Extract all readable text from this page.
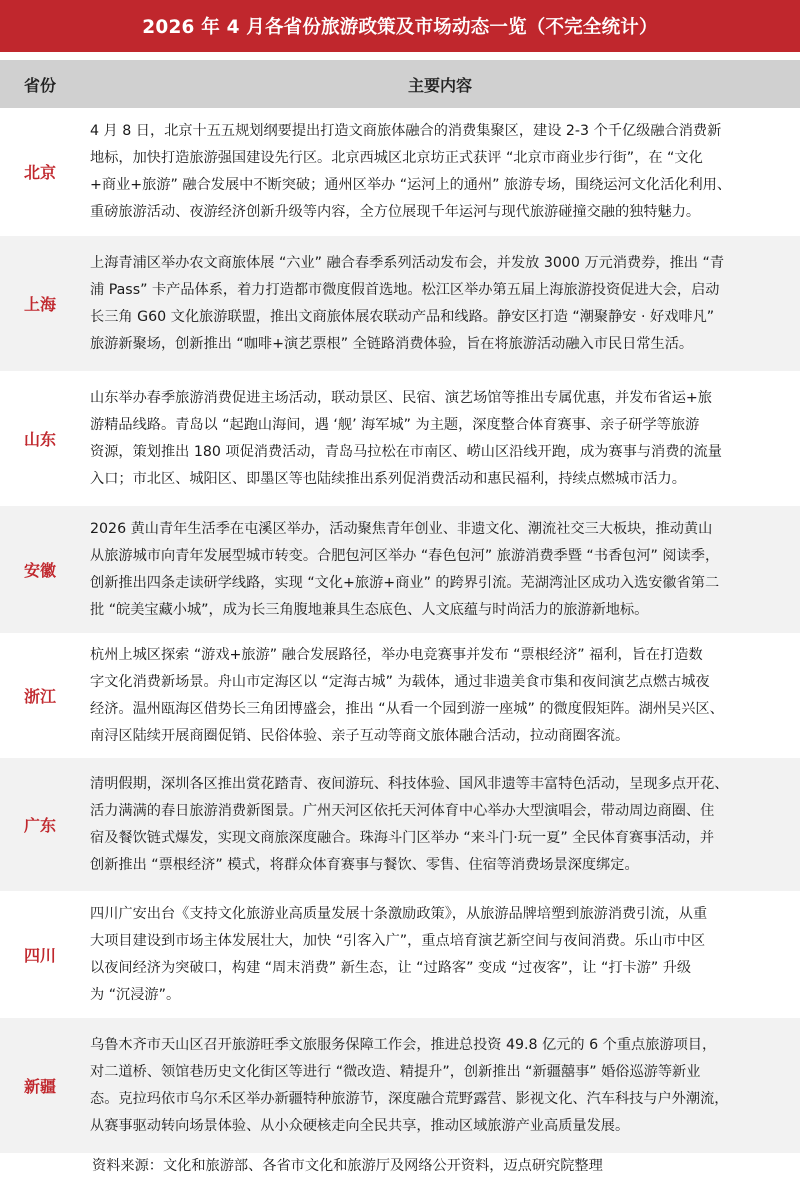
2026 年 4 月各省份旅游政策及市场动态一览（不完全统计）
省份	主要内容
北京
4 月 8 日，北京十五五规划纲要提出打造文商旅体融合的消费集聚区，建设 2-3 个千亿级融合消费新
地标，加快打造旅游强国建设先行区。北京西城区北京坊正式获评 “北京市商业步行街”，在 “文化
+商业+旅游” 融合发展中不断突破；通州区举办 “运河上的通州” 旅游专场，围绕运河文化活化利用、
重磅旅游活动、夜游经济创新升级等内容，全方位展现千年运河与现代旅游碰撞交融的独特魅力。
上海
上海青浦区举办农文商旅体展 “六业” 融合春季系列活动发布会，并发放 3000 万元消费券，推出 “青
浦 Pass” 卡产品体系，着力打造都市微度假首选地。松江区举办第五届上海旅游投资促进大会，启动
长三角 G60 文化旅游联盟，推出文商旅体展农联动产品和线路。静安区打造 “潮聚静安 · 好戏啡凡”
旅游新聚场，创新推出 “咖啡+演艺票根” 全链路消费体验，旨在将旅游活动融入市民日常生活。
山东
山东举办春季旅游消费促进主场活动，联动景区、民宿、演艺场馆等推出专属优惠，并发布省运+旅
游精品线路。青岛以 “起跑山海间，遇 ‘舰’ 海军城” 为主题，深度整合体育赛事、亲子研学等旅游
资源，策划推出 180 项促消费活动，青岛马拉松在市南区、崂山区沿线开跑，成为赛事与消费的流量
入口；市北区、城阳区、即墨区等也陆续推出系列促消费活动和惠民福利，持续点燃城市活力。
安徽
2026 黄山青年生活季在屯溪区举办，活动聚焦青年创业、非遗文化、潮流社交三大板块，推动黄山
从旅游城市向青年发展型城市转变。合肥包河区举办 “春色包河” 旅游消费季暨 “书香包河” 阅读季，
创新推出四条走读研学线路，实现 “文化+旅游+商业” 的跨界引流。芜湖湾沚区成功入选安徽省第二
批 “皖美宝藏小城”，成为长三角腹地兼具生态底色、人文底蕴与时尚活力的旅游新地标。
浙江
杭州上城区探索 “游戏+旅游” 融合发展路径，举办电竞赛事并发布 “票根经济” 福利，旨在打造数
字文化消费新场景。舟山市定海区以 “定海古城” 为载体，通过非遗美食市集和夜间演艺点燃古城夜
经济。温州瓯海区借势长三角团博盛会，推出 “从看一个园到游一座城” 的微度假矩阵。湖州吴兴区、
南浔区陆续开展商圈促销、民俗体验、亲子互动等商文旅体融合活动，拉动商圈客流。
广东
清明假期，深圳各区推出赏花踏青、夜间游玩、科技体验、国风非遗等丰富特色活动，呈现多点开花、
活力满满的春日旅游消费新图景。广州天河区依托天河体育中心举办大型演唱会，带动周边商圈、住
宿及餐饮链式爆发，实现文商旅深度融合。珠海斗门区举办 “来斗门·玩一夏” 全民体育赛事活动，并
创新推出 “票根经济” 模式，将群众体育赛事与餐饮、零售、住宿等消费场景深度绑定。
四川
四川广安出台《支持文化旅游业高质量发展十条激励政策》，从旅游品牌培塑到旅游消费引流，从重
大项目建设到市场主体发展壮大，加快 “引客入广”，重点培育演艺新空间与夜间消费。乐山市中区
以夜间经济为突破口，构建 “周末消费” 新生态，让 “过路客” 变成 “过夜客”，让 “打卡游” 升级
为 “沉浸游”。
新疆
乌鲁木齐市天山区召开旅游旺季文旅服务保障工作会，推进总投资 49.8 亿元的 6 个重点旅游项目，
对二道桥、领馆巷历史文化街区等进行 “微改造、精提升”，创新推出 “新疆囍事” 婚俗巡游等新业
态。克拉玛依市乌尔禾区举办新疆特种旅游节，深度融合荒野露营、影视文化、汽车科技与户外潮流，
从赛事驱动转向场景体验、从小众硬核走向全民共享，推动区域旅游产业高质量发展。
资料来源：文化和旅游部、各省市文化和旅游厅及网络公开资料，迈点研究院整理
